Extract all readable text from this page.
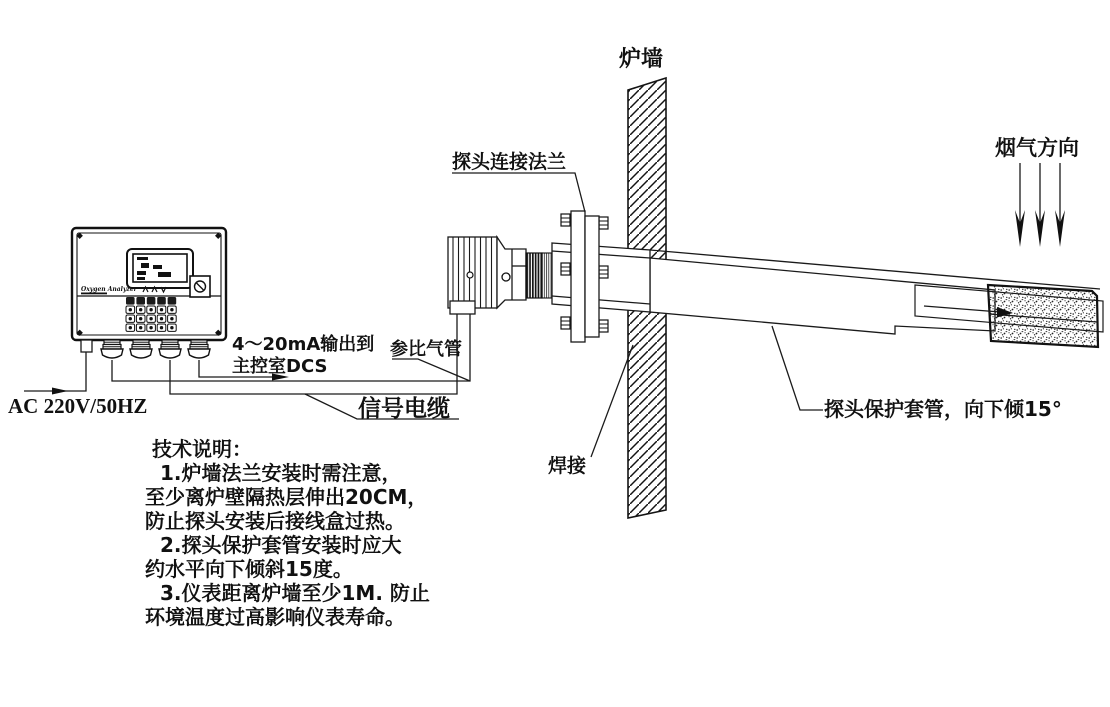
炉墙
烟气方向
探头连接法兰
焊接
探头保护套管，向下倾15°
Oxygen Analyzer
AC 220V/50HZ
4～20mA输出到
主控室DCS
参比气管
信号电缆
技术说明：
1.炉墙法兰安装时需注意，
至少离炉壁隔热层伸出20CM，
防止探头安装后接线盒过热。
2.探头保护套管安装时应大
约水平向下倾斜15度。
3.仪表距离炉墙至少1M. 防止
环境温度过高影响仪表寿命。
